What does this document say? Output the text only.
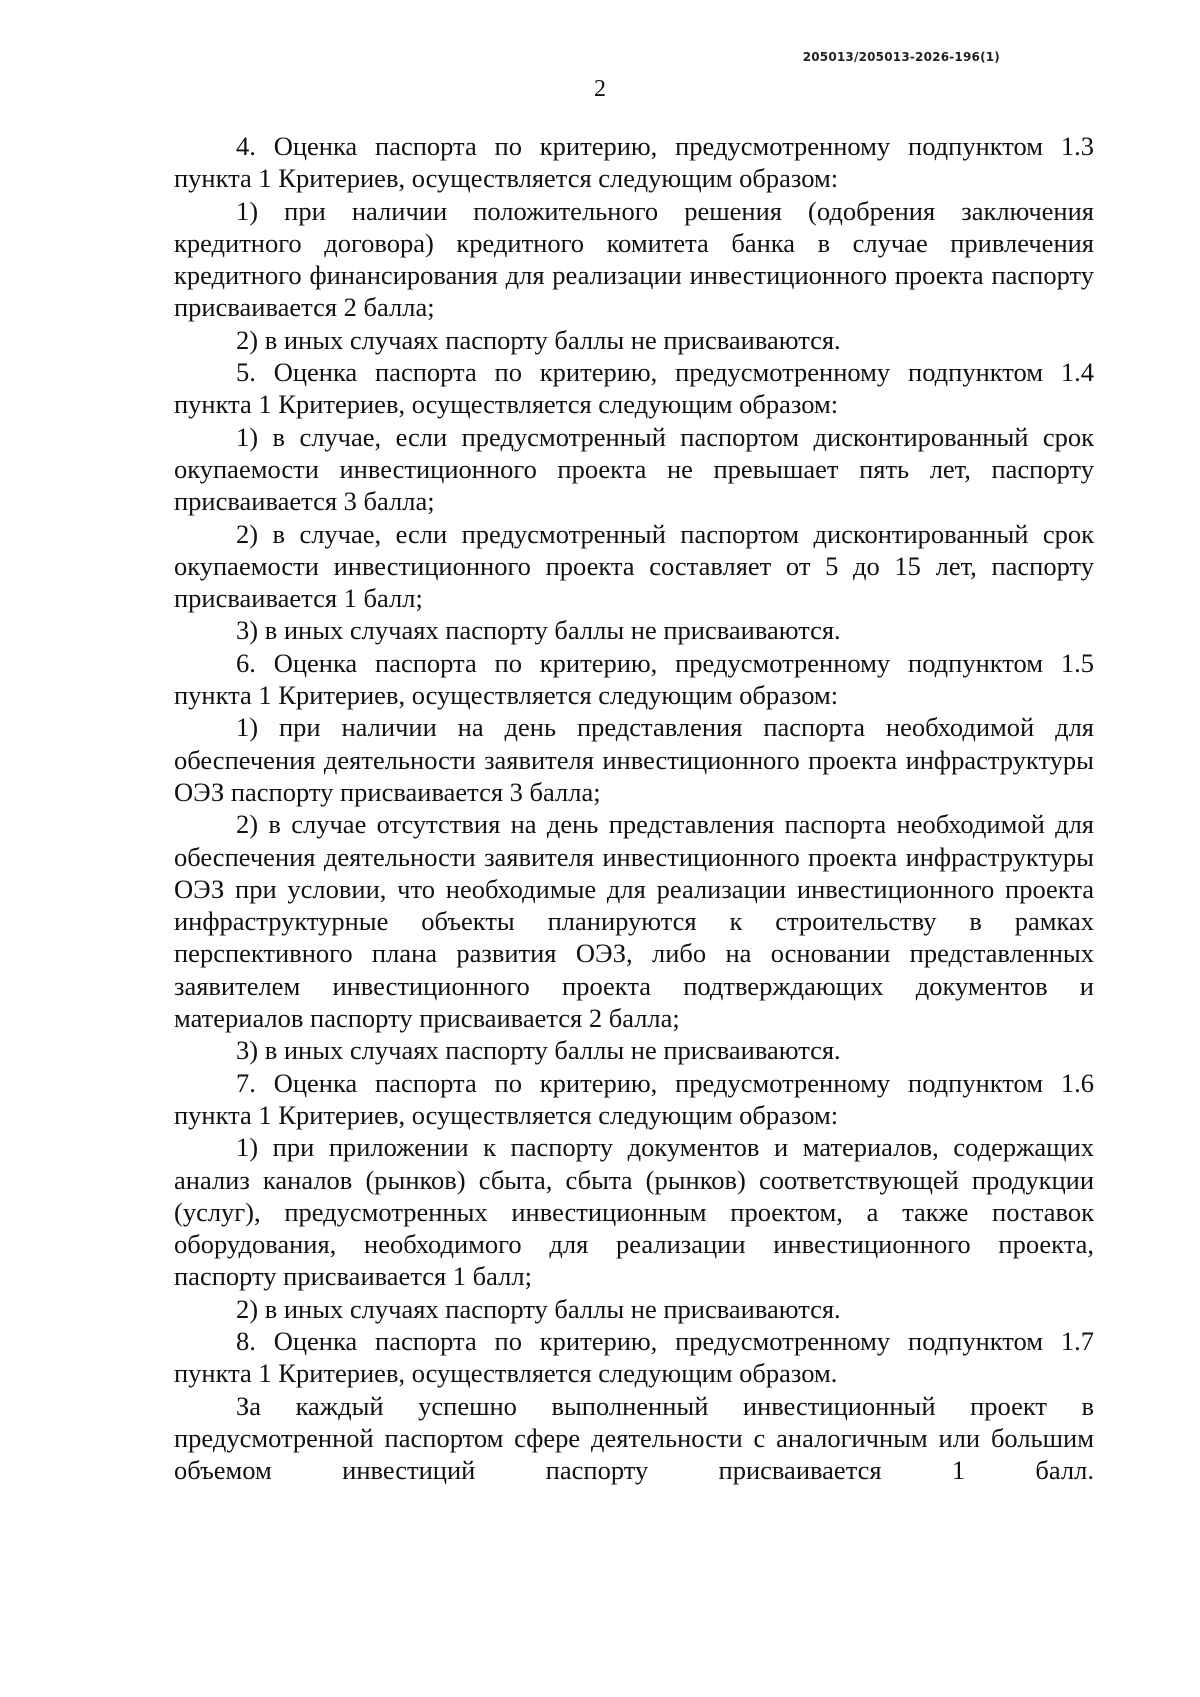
205013/205013-2026-196(1)
2

4. Оценка паспорта по критерию, предусмотренному подпунктом 1.3 пункта 1 Критериев, осуществляется следующим образом:

1) при наличии положительного решения (одобрения заключения кредитного договора) кредитного комитета банка в случае привлечения кредитного финансирования для реализации инвестиционного проекта паспорту присваивается 2 балла;

2) в иных случаях паспорту баллы не присваиваются.

5. Оценка паспорта по критерию, предусмотренному подпунктом 1.4 пункта 1 Критериев, осуществляется следующим образом:

1) в случае, если предусмотренный паспортом дисконтированный срок окупаемости инвестиционного проекта не превышает пять лет, паспорту присваивается 3 балла;

2) в случае, если предусмотренный паспортом дисконтированный срок окупаемости инвестиционного проекта составляет от 5 до 15 лет, паспорту присваивается 1 балл;

3) в иных случаях паспорту баллы не присваиваются.

6. Оценка паспорта по критерию, предусмотренному подпунктом 1.5 пункта 1 Критериев, осуществляется следующим образом:

1) при наличии на день представления паспорта необходимой для обеспечения деятельности заявителя инвестиционного проекта инфраструктуры ОЭЗ паспорту присваивается 3 балла;

2) в случае отсутствия на день представления паспорта необходимой для обеспечения деятельности заявителя инвестиционного проекта инфраструктуры ОЭЗ при условии, что необходимые для реализации инвестиционного проекта инфраструктурные объекты планируются к строительству в рамках перспективного плана развития ОЭЗ, либо на основании представленных заявителем инвестиционного проекта подтверждающих документов и материалов паспорту присваивается 2 балла;

3) в иных случаях паспорту баллы не присваиваются.

7. Оценка паспорта по критерию, предусмотренному подпунктом 1.6 пункта 1 Критериев, осуществляется следующим образом:

1) при приложении к паспорту документов и материалов, содержащих анализ каналов (рынков) сбыта, сбыта (рынков) соответствующей продукции (услуг), предусмотренных инвестиционным проектом, а также поставок оборудования, необходимого для реализации инвестиционного проекта, паспорту присваивается 1 балл;

2) в иных случаях паспорту баллы не присваиваются.

8. Оценка паспорта по критерию, предусмотренному подпунктом 1.7 пункта 1 Критериев, осуществляется следующим образом.

За каждый успешно выполненный инвестиционный проект в предусмотренной паспортом сфере деятельности с аналогичным или большим объемом инвестиций паспорту присваивается 1 балл.
